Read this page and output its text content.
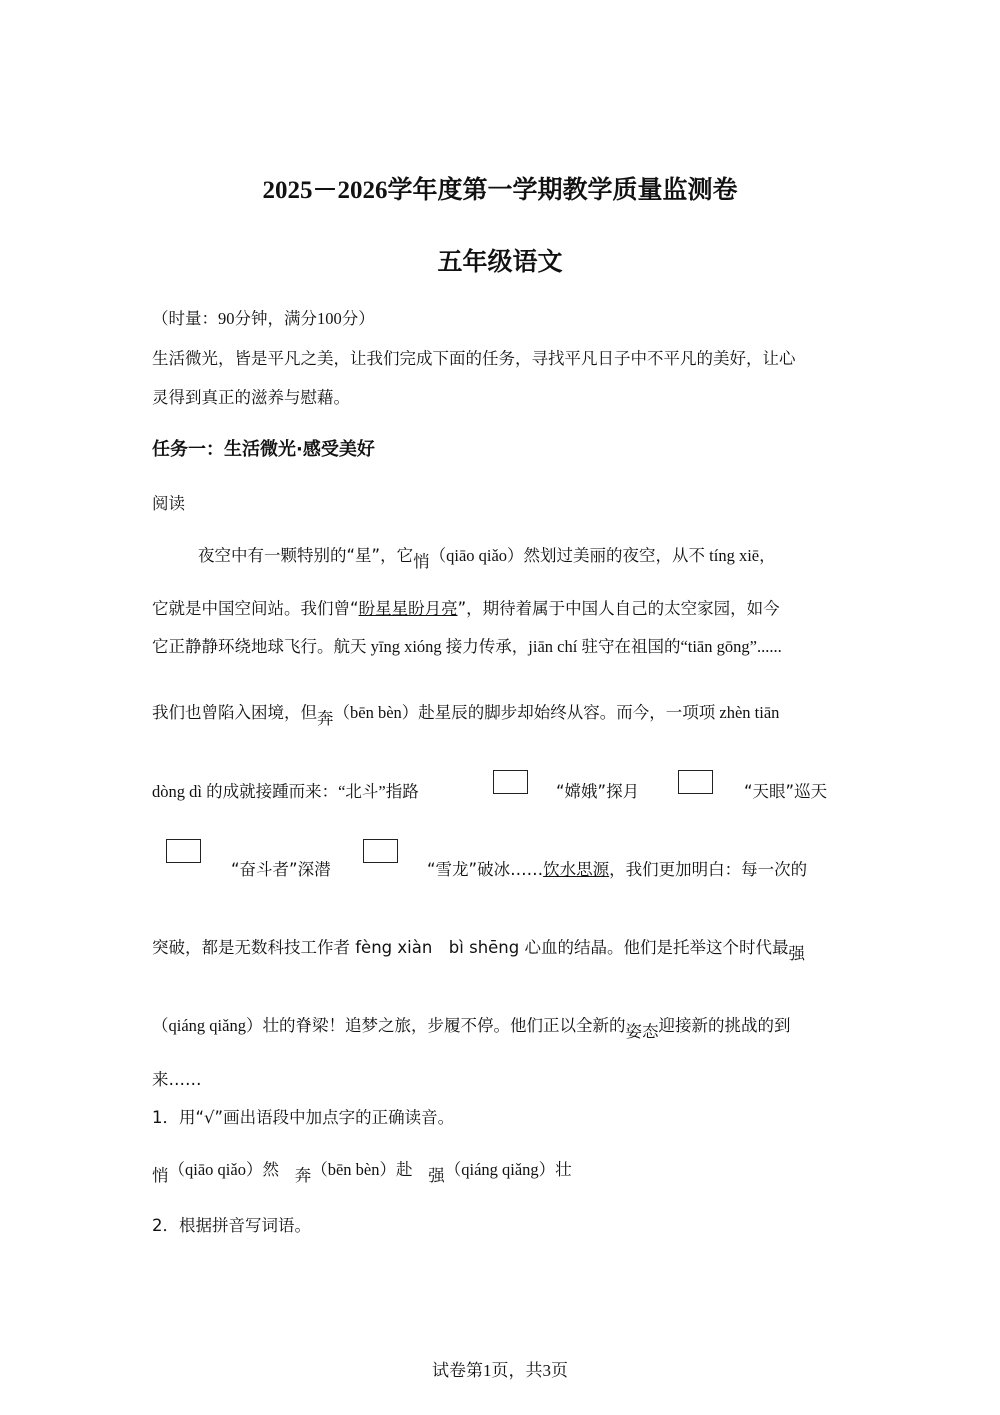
2025－2026学年度第一学期教学质量监测卷
五年级语文
（时量：90分钟，满分100分）
生活微光，皆是平凡之美，让我们完成下面的任务，寻找平凡日子中不平凡的美好，让心
灵得到真正的滋养与慰藉。
任务一：生活微光·感受美好
阅读
夜空中有一颗特别的“星”，它悄（qiāo qiǎo）然划过美丽的夜空，从不 tíng xiē，
它就是中国空间站。我们曾“盼星星盼月亮”，期待着属于中国人自己的太空家园，如今
它正静静环绕地球飞行。航天 yīng xióng 接力传承，jiān chí 驻守在祖国的“tiān gōng”......
我们也曾陷入困境，但奔（bēn bèn）赴星辰的脚步却始终从容。而今，一项项 zhèn tiān
dòng dì 的成就接踵而来：“北斗”指路	“嫦娥”探月	“天眼”巡天
“奋斗者”深潜	“雪龙”破冰……饮水思源，我们更加明白：每一次的
突破，都是无数科技工作者 fèng xiàn　bì shēng 心血的结晶。他们是托举这个时代最强
（qiáng qiǎng）壮的脊梁！追梦之旅，步履不停。他们正以全新的姿态迎接新的挑战的到
来……
1．用“√”画出语段中加点字的正确读音。
悄（qiāo qiǎo）然 奔（bēn bèn）赴 强（qiáng qiǎng）壮
2．根据拼音写词语。
试卷第1页，共3页
